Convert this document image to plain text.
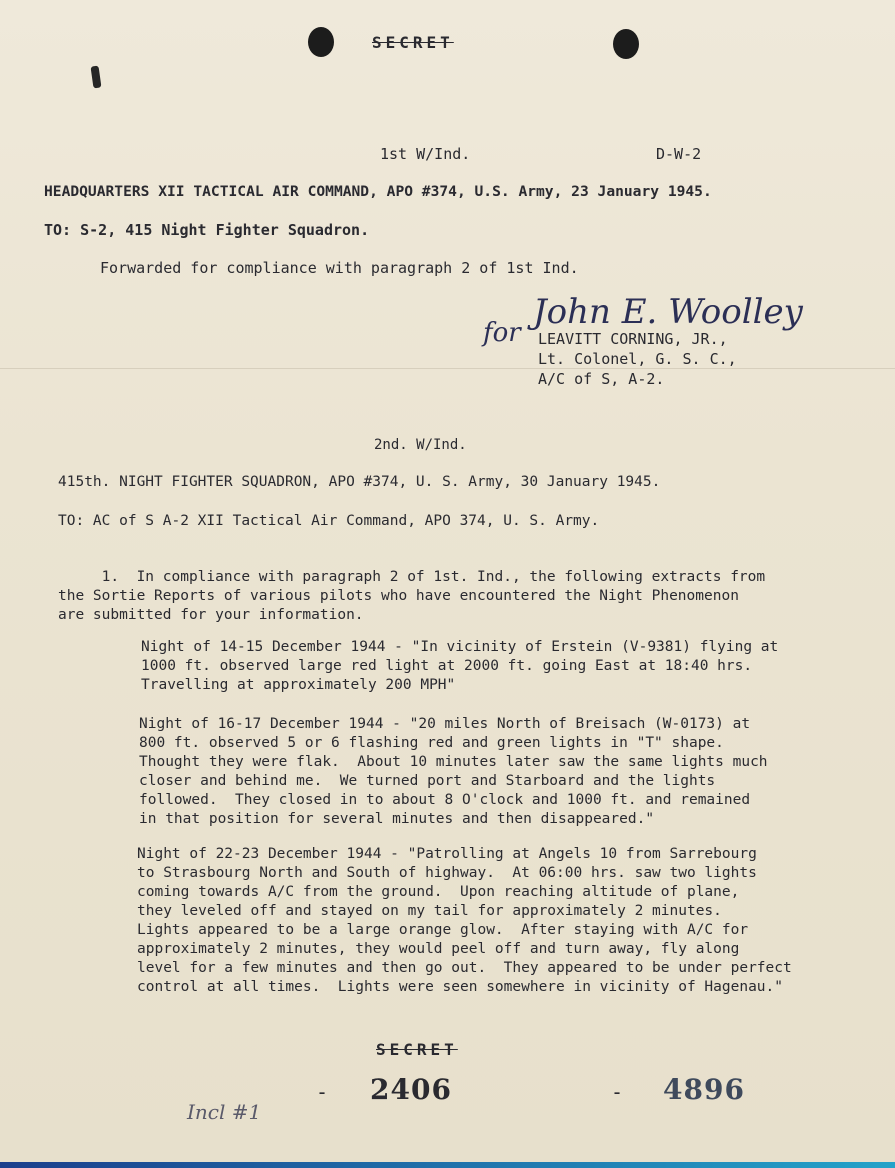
SECRET
1st W/Ind.	D-W-2
HEADQUARTERS XII TACTICAL AIR COMMAND, APO #374, U.S. Army, 23 January 1945.
TO: S-2, 415 Night Fighter Squadron.
Forwarded for compliance with paragraph 2 of 1st Ind.
John E. Woolley
for LEAVITT CORNING, JR.,
Lt. Colonel, G. S. C.,
A/C of S, A-2.
2nd. W/Ind.
415th. NIGHT FIGHTER SQUADRON, APO #374, U. S. Army, 30 January 1945.
TO: AC of S A-2 XII Tactical Air Command, APO 374, U. S. Army.
1.  In compliance with paragraph 2 of 1st. Ind., the following extracts from
the Sortie Reports of various pilots who have encountered the Night Phenomenon
are submitted for your information.
Night of 14-15 December 1944 - "In vicinity of Erstein (V-9381) flying at
1000 ft. observed large red light at 2000 ft. going East at 18:40 hrs.
Travelling at approximately 200 MPH"
Night of 16-17 December 1944 - "20 miles North of Breisach (W-0173) at
800 ft. observed 5 or 6 flashing red and green lights in "T" shape.
Thought they were flak.  About 10 minutes later saw the same lights much
closer and behind me.  We turned port and Starboard and the lights
followed.  They closed in to about 8 O'clock and 1000 ft. and remained
in that position for several minutes and then disappeared."
Night of 22-23 December 1944 - "Patrolling at Angels 10 from Sarrebourg
to Strasbourg North and South of highway.  At 06:00 hrs. saw two lights
coming towards A/C from the ground.  Upon reaching altitude of plane,
they leveled off and stayed on my tail for approximately 2 minutes.
Lights appeared to be a large orange glow.  After staying with A/C for
approximately 2 minutes, they would peel off and turn away, fly along
level for a few minutes and then go out.  They appeared to be under perfect
control at all times.  Lights were seen somewhere in vicinity of Hagenau."
SECRET
Incl #1
- 2406	- 4896
